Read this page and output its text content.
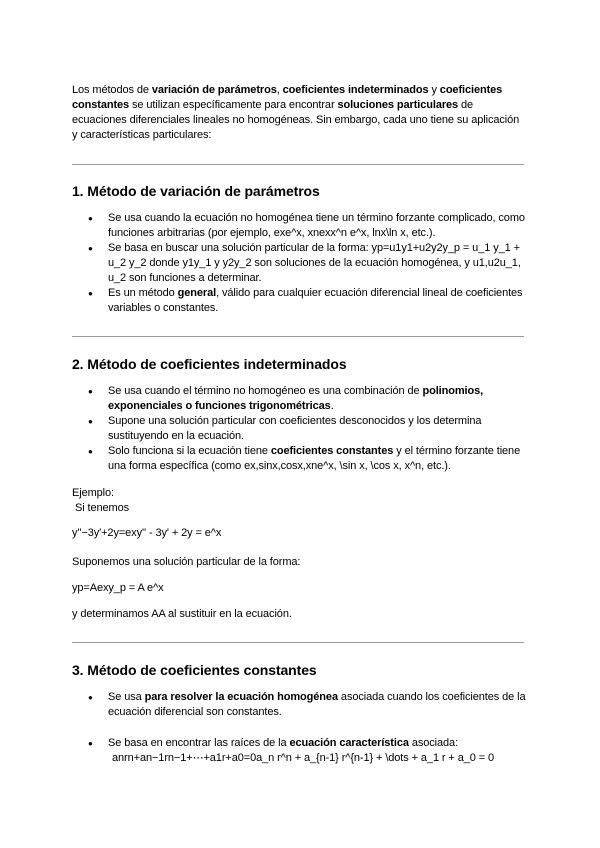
Los métodos de variación de parámetros, coeficientes indeterminados y coeficientes constantes se utilizan específicamente para encontrar soluciones particulares de ecuaciones diferenciales lineales no homogéneas. Sin embargo, cada uno tiene su aplicación y características particulares:

1. Método de variación de parámetros
● Se usa cuando la ecuación no homogénea tiene un término forzante complicado, como funciones arbitrarias (por ejemplo, exe^x, xnexx^n e^x, lnx\ln x, etc.).
● Se basa en buscar una solución particular de la forma: yp=u1y1+u2y2y_p = u_1 y_1 + u_2 y_2 donde y1y_1 y y2y_2 son soluciones de la ecuación homogénea, y u1,u2u_1, u_2 son funciones a determinar.
● Es un método general, válido para cualquier ecuación diferencial lineal de coeficientes variables o constantes.
2. Método de coeficientes indeterminados
● Se usa cuando el término no homogéneo es una combinación de polinomios, exponenciales o funciones trigonométricas.
● Supone una solución particular con coeficientes desconocidos y los determina sustituyendo en la ecuación.
● Solo funciona si la ecuación tiene coeficientes constantes y el término forzante tiene una forma específica (como ex,sinx,cosx,xne^x, \sin x, \cos x, x^n, etc.).

Ejemplo:

Si tenemos

y''−3y′+2y=exy'' - 3y' + 2y = e^x

Suponemos una solución particular de la forma:

yp=Aexy_p = A e^x

y determinamos AA al sustituir en la ecuación.

3. Método de coeficientes constantes
● Se usa para resolver la ecuación homogénea asociada cuando los coeficientes de la ecuación diferencial son constantes.
● Se basa en encontrar las raíces de la ecuación característica asociada:
anrn+an−1rn−1+⋯+a1r+a0=0a_n r^n + a_{n-1} r^{n-1} + \dots + a_1 r + a_0 = 0
